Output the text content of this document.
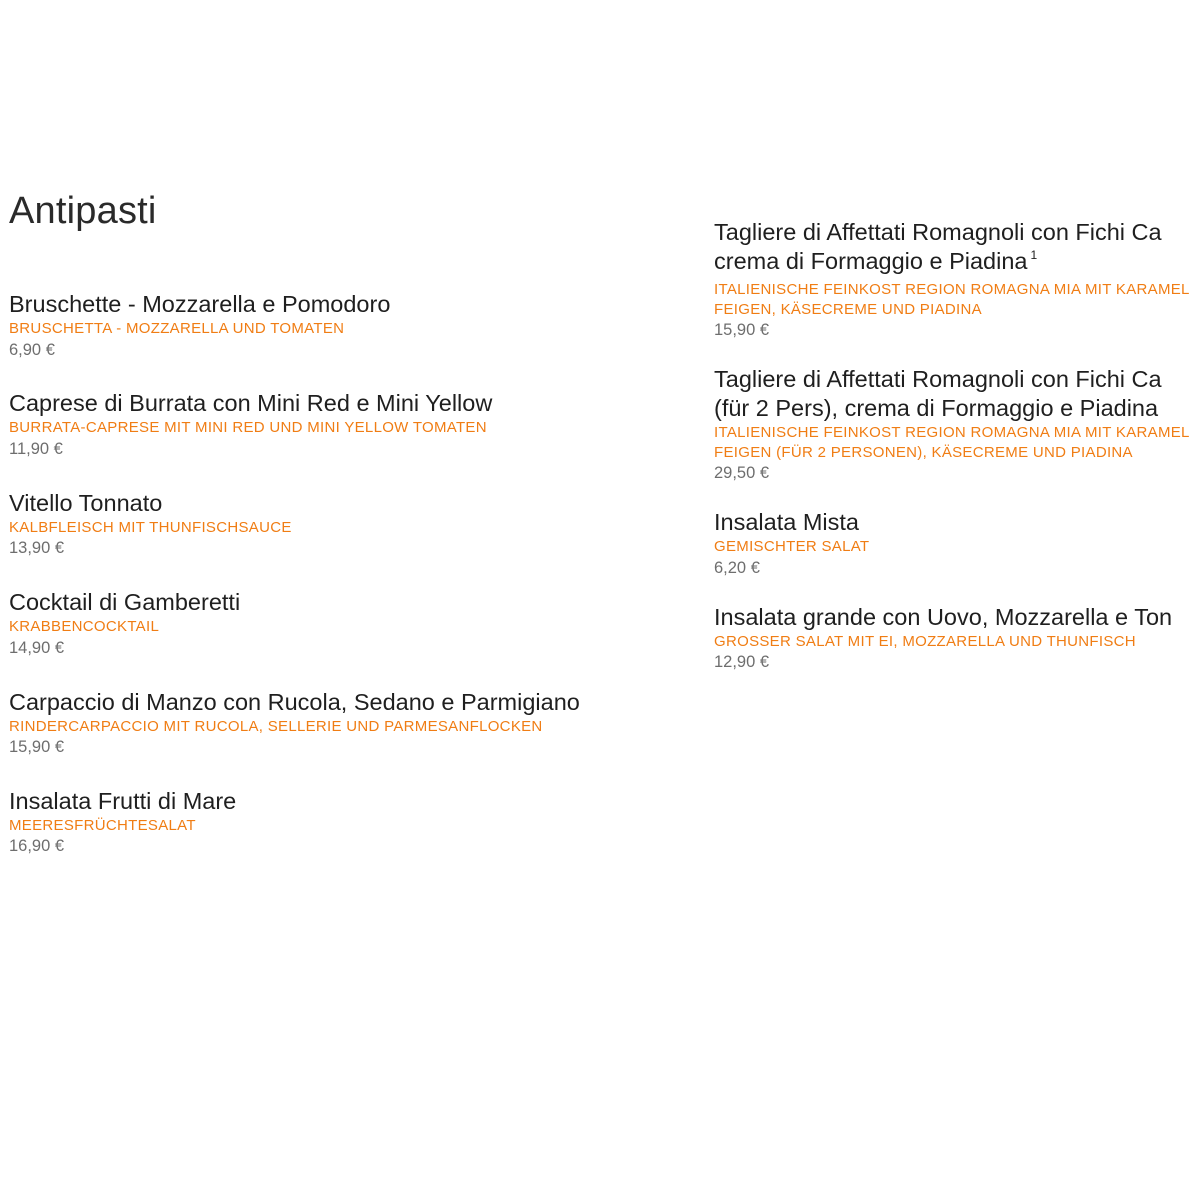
Antipasti
Bruschette - Mozzarella e Pomodoro
BRUSCHETTA - MOZZARELLA UND TOMATEN
6,90 €
Caprese di Burrata con Mini Red e Mini Yellow
BURRATA-CAPRESE MIT MINI RED UND MINI YELLOW TOMATEN
11,90 €
Vitello Tonnato
KALBFLEISCH MIT THUNFISCHSAUCE
13,90 €
Cocktail di Gamberetti
KRABBENCOCKTAIL
14,90 €
Carpaccio di Manzo con Rucola, Sedano e Parmigiano
RINDERCARPACCIO MIT RUCOLA, SELLERIE UND PARMESANFLOCKEN
15,90 €
Insalata Frutti di Mare
MEERESFRÜCHTESALAT
16,90 €
Tagliere di Affettati Romagnoli con Fichi Ca
crema di Formaggio e Piadina $^1$
ITALIENISCHE FEINKOST REGION ROMAGNA MIA MIT KARAMEL
FEIGEN, KÄSECREME UND PIADINA
15,90 €
Tagliere di Affettati Romagnoli con Fichi Ca
(für 2 Pers), crema di Formaggio e Piadina
ITALIENISCHE FEINKOST REGION ROMAGNA MIA MIT KARAMEL
FEIGEN (FÜR 2 PERSONEN), KÄSECREME UND PIADINA
29,50 €
Insalata Mista
GEMISCHTER SALAT
6,20 €
Insalata grande con Uovo, Mozzarella e Ton
GROSSER SALAT MIT EI, MOZZARELLA UND THUNFISCH
12,90 €
